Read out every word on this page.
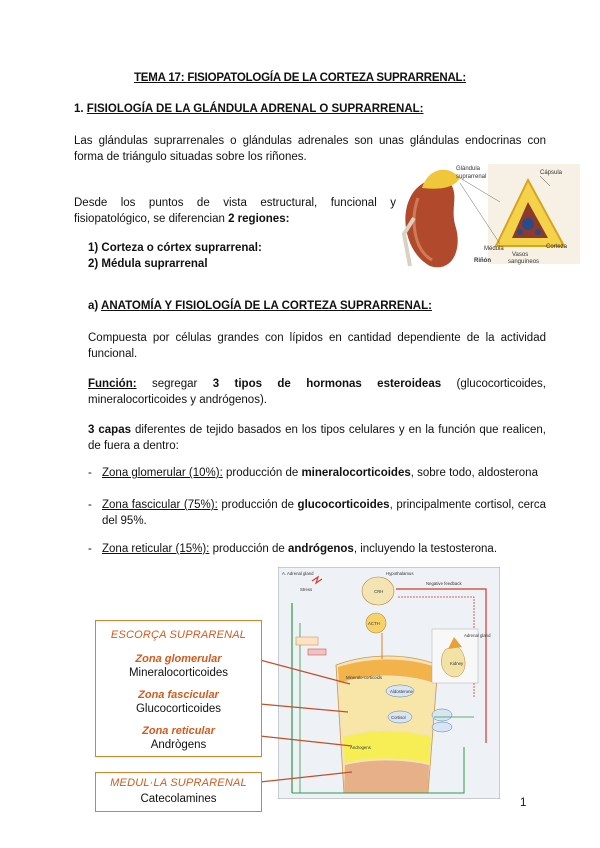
TEMA 17: FISIOPATOLOGÍA DE LA CORTEZA SUPRARRENAL:
1. FISIOLOGÍA DE LA GLÁNDULA ADRENAL O SUPRARRENAL:
Las glándulas suprarrenales o glándulas adrenales son unas glándulas endocrinas con forma de triángulo situadas sobre los riñones.
Desde los puntos de vista estructural, funcional y fisiopatológico, se diferencian 2 regiones:
1) Corteza o córtex suprarrenal:
2) Médula suprarrenal
Glándula
suprarrenal
Cápsula
Médula	Corteza
Vasos
sanguíneos
Riñón
a) ANATOMÍA Y FISIOLOGÍA DE LA CORTEZA SUPRARRENAL:
Compuesta por células grandes con lípidos en cantidad dependiente de la actividad funcional.
Función: segregar 3 tipos de hormonas esteroideas (glucocorticoides, mineralocorticoides y andrógenos).
3 capas diferentes de tejido basados en los tipos celulares y en la función que realicen, de fuera a dentro:
- Zona glomerular (10%): producción de mineralocorticoides, sobre todo, aldosterona
- Zona fascicular (75%): producción de glucocorticoides, principalmente cortisol, cerca del 95%.
- Zona reticular (15%): producción de andrógenos, incluyendo la testosterona.
A. Adrenal gland	Hypothalamus
CRH
ACTH
Stress
Negative feedback
Mineralo-corticoids
Aldosterone
Cortisol
Androgens
Adrenal gland
Kidney
ESCORÇA SUPRARENAL
Zona glomerular
Mineralocorticoides
Zona fascicular
Glucocorticoides
Zona reticular
Andrògens
MEDUL·LA SUPRARENAL
Catecolamines	1
